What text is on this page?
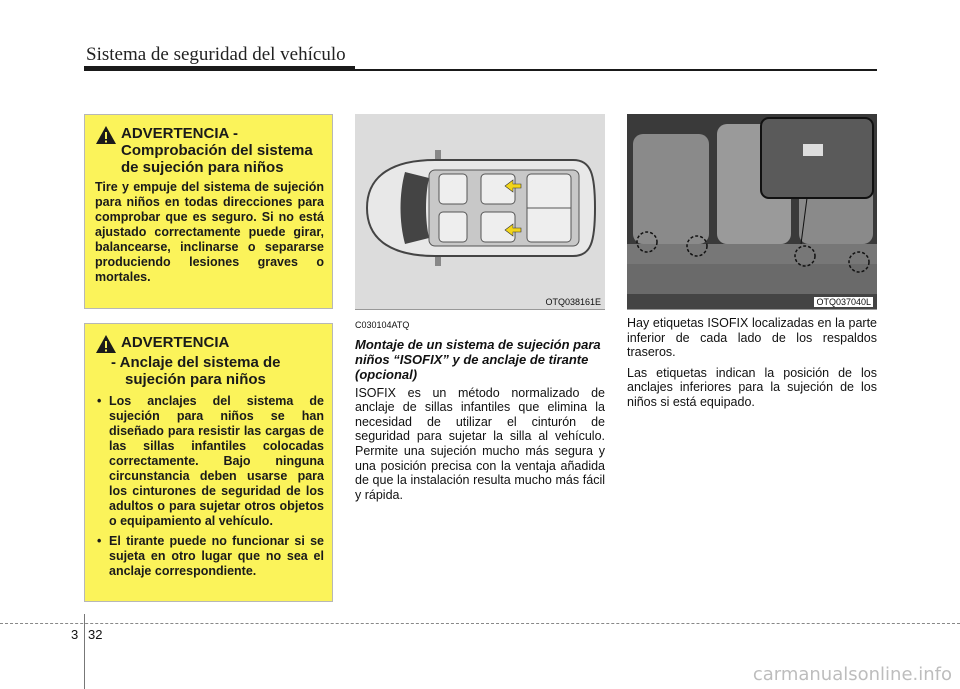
Sistema de seguridad del vehículo
ADVERTENCIA -
Comprobación del sistema
de sujeción para niños
Tire y empuje del sistema de sujeción para niños en todas direcciones para comprobar que es seguro. Si no está ajustado correctamente puede girar, balancearse, inclinarse o separarse produciendo lesiones graves o mortales.
ADVERTENCIA
- Anclaje del sistema de
sujeción para niños
• Los anclajes del sistema de sujeción para niños se han diseñado para resistir las cargas de las sillas infantiles colocadas correctamente. Bajo ninguna circunstancia deben usarse para los cinturones de seguridad de los adultos o para sujetar otros objetos o equipamiento al vehículo.
• El tirante puede no funcionar si se sujeta en otro lugar que no sea el anclaje correspondiente.
OTQ038161E	OTQ037040L
C030104ATQ
Montaje de un sistema de sujeción para niños “ISOFIX” y de anclaje de tirante (opcional)

ISOFIX es un método normalizado de anclaje de sillas infantiles que elimina la necesidad de utilizar el cinturón de seguridad para sujetar la silla al vehículo. Permite una sujeción mucho más segura y una posición precisa con la ventaja añadida de que la instalación resulta mucho más fácil y rápida.

Hay etiquetas ISOFIX localizadas en la parte inferior de cada lado de los respaldos traseros.

Las etiquetas indican la posición de los anclajes inferiores para la sujeción de los niños si está equipado.

3 32
carmanualsonline.info
